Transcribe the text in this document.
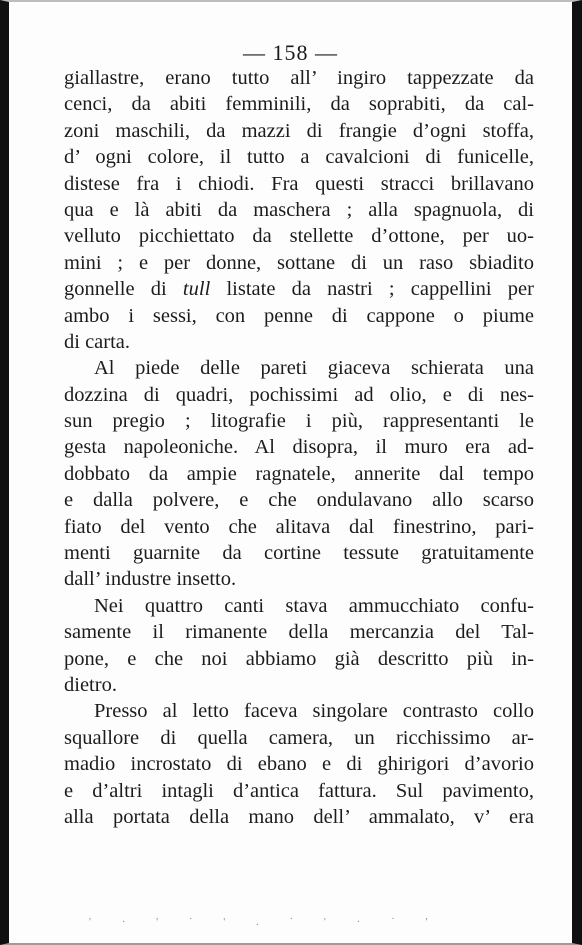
— 158 —
giallastre, erano tutto all’ ingiro tappezzate da
cenci, da abiti femminili, da soprabiti, da cal-
zoni maschili, da mazzi di frangie d’ogni stoffa,
d’ ogni colore, il tutto a cavalcioni di funicelle,
distese fra i chiodi. Fra questi stracci brillavano
qua e là abiti da maschera ; alla spagnuola, di
velluto picchiettato da stellette d’ottone, per uo-
mini ; e per donne, sottane di un raso sbiadito
gonnelle di tull listate da nastri ; cappellini per
ambo i sessi, con penne di cappone o piume
di carta.
Al piede delle pareti giaceva schierata una
dozzina di quadri, pochissimi ad olio, e di nes-
sun pregio ; litografie i più, rappresentanti le
gesta napoleoniche. Al disopra, il muro era ad-
dobbato da ampie ragnatele, annerite dal tempo
e dalla polvere, e che ondulavano allo scarso
fiato del vento che alitava dal finestrino, pari-
menti guarnite da cortine tessute gratuitamente
dall’ industre insetto.
Nei quattro canti stava ammucchiato confu-
samente il rimanente della mercanzia del Tal-
pone, e che noi abbiamo già descritto più in-
dietro.
Presso al letto faceva singolare contrasto collo
squallore di quella camera, un ricchissimo ar-
madio incrostato di ebano e di ghirigori d’avorio
e d’altri intagli d’antica fattura. Sul pavimento,
alla portata della mano dell’ ammalato, v’ era
' · ' ˙ ' . ˙ ' · ˙ '
